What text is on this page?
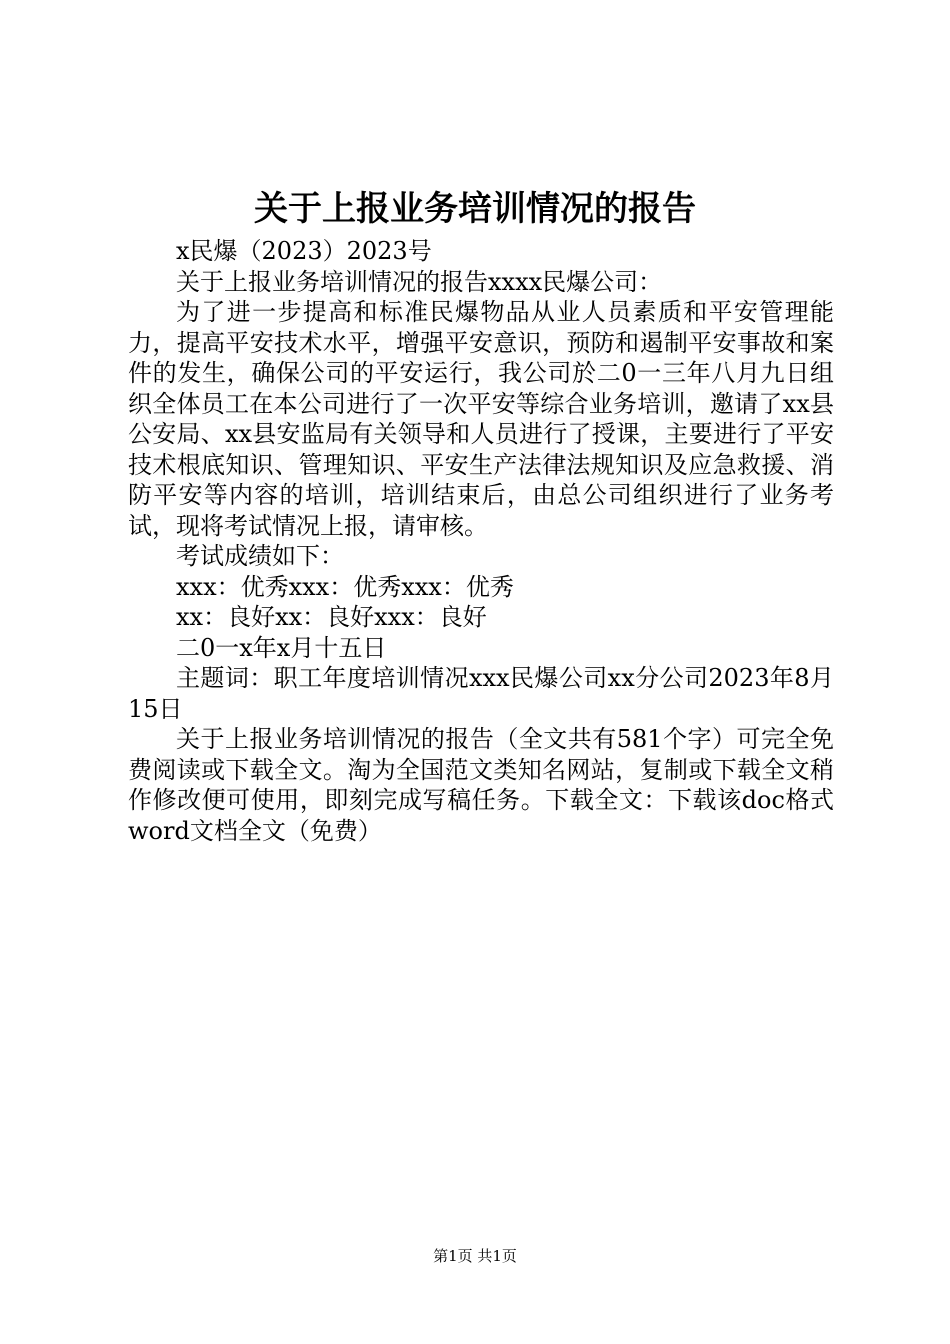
关于上报业务培训情况的报告

x民爆（2023）2023号

关于上报业务培训情况的报告xxxx民爆公司：

为了进一步提高和标准民爆物品从业人员素质和平安管理能力，提高平安技术水平，增强平安意识，预防和遏制平安事故和案件的发生，确保公司的平安运行，我公司於二0一三年八月九日组织全体员工在本公司进行了一次平安等综合业务培训，邀请了xx县公安局、xx县安监局有关领导和人员进行了授课，主要进行了平安技术根底知识、管理知识、平安生产法律法规知识及应急救援、消防平安等内容的培训，培训结束后，由总公司组织进行了业务考试，现将考试情况上报，请审核。

考试成绩如下：

xxx：优秀xxx：优秀xxx：优秀

xx：良好xx：良好xxx：良好

二0一x年x月十五日

主题词：职工年度培训情况xxx民爆公司xx分公司2023年8月15日

关于上报业务培训情况的报告（全文共有581个字）可完全免费阅读或下载全文。淘为全国范文类知名网站，复制或下载全文稍作修改便可使用，即刻完成写稿任务。下载全文：下载该doc格式word文档全文（免费）

第1页 共1页
